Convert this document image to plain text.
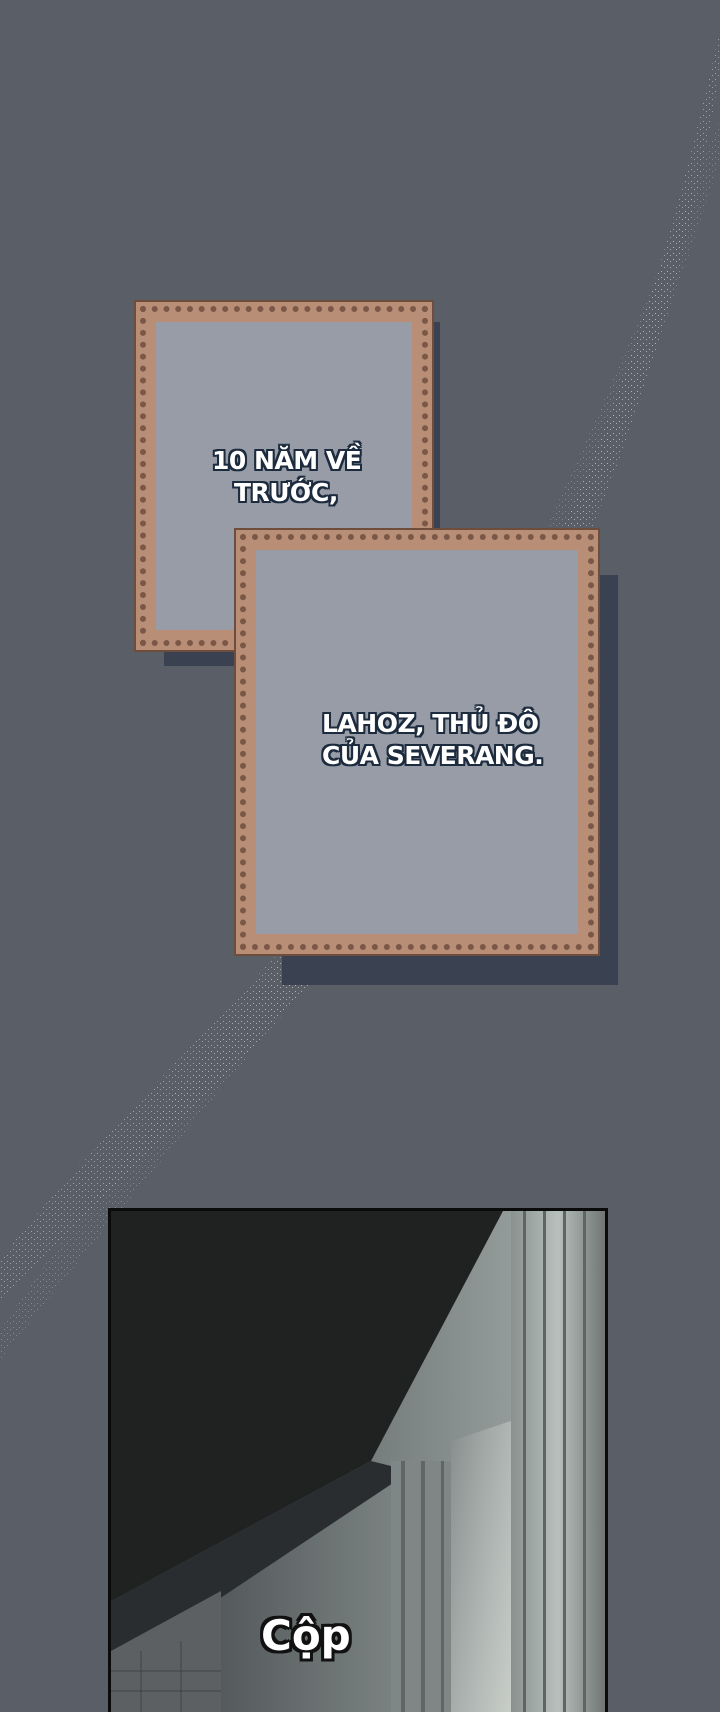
10 NĂM VỀ
TRƯỚC,
LAHOZ, THỦ ĐÔ
CỦA SEVERANG.
Cộp
